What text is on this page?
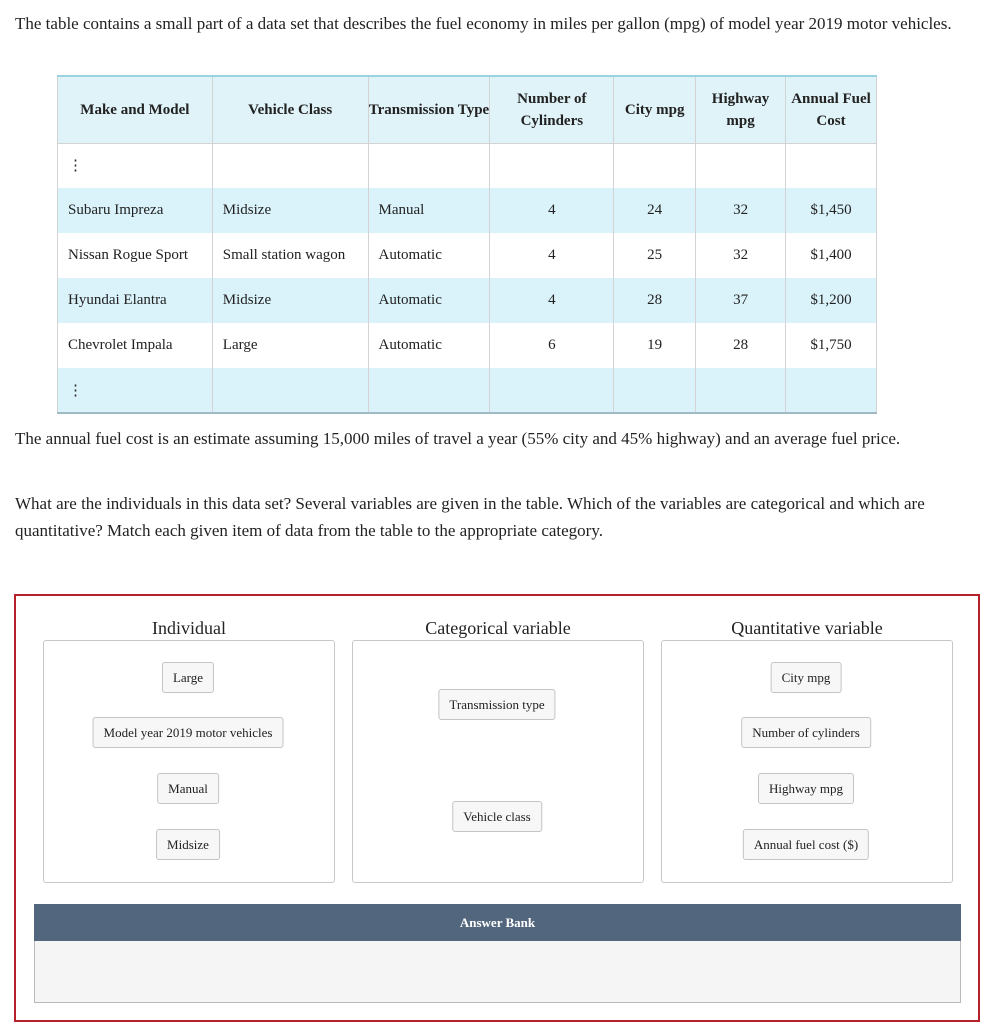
The table contains a small part of a data set that describes the fuel economy in miles per gallon (mpg) of model year 2019 motor vehicles.

Make and Model	Vehicle Class	Transmission Type	Number of Cylinders	City mpg	Highway mpg	Annual Fuel Cost
⋮						
Subaru Impreza	Midsize	Manual	4	24	32	$1,450
Nissan Rogue Sport	Small station wagon	Automatic	4	25	32	$1,400
Hyundai Elantra	Midsize	Automatic	4	28	37	$1,200
Chevrolet Impala	Large	Automatic	6	19	28	$1,750
⋮						

The annual fuel cost is an estimate assuming 15,000 miles of travel a year (55% city and 45% highway) and an average fuel price.

What are the individuals in this data set? Several variables are given in the table. Which of the variables are categorical and which are quantitative? Match each given item of data from the table to the appropriate category.

Individual	Categorical variable	Quantitative variable
Large
Model year 2019 motor vehicles
Manual
Midsize
Transmission type
Vehicle class
City mpg
Number of cylinders
Highway mpg
Annual fuel cost ($)
Answer Bank
